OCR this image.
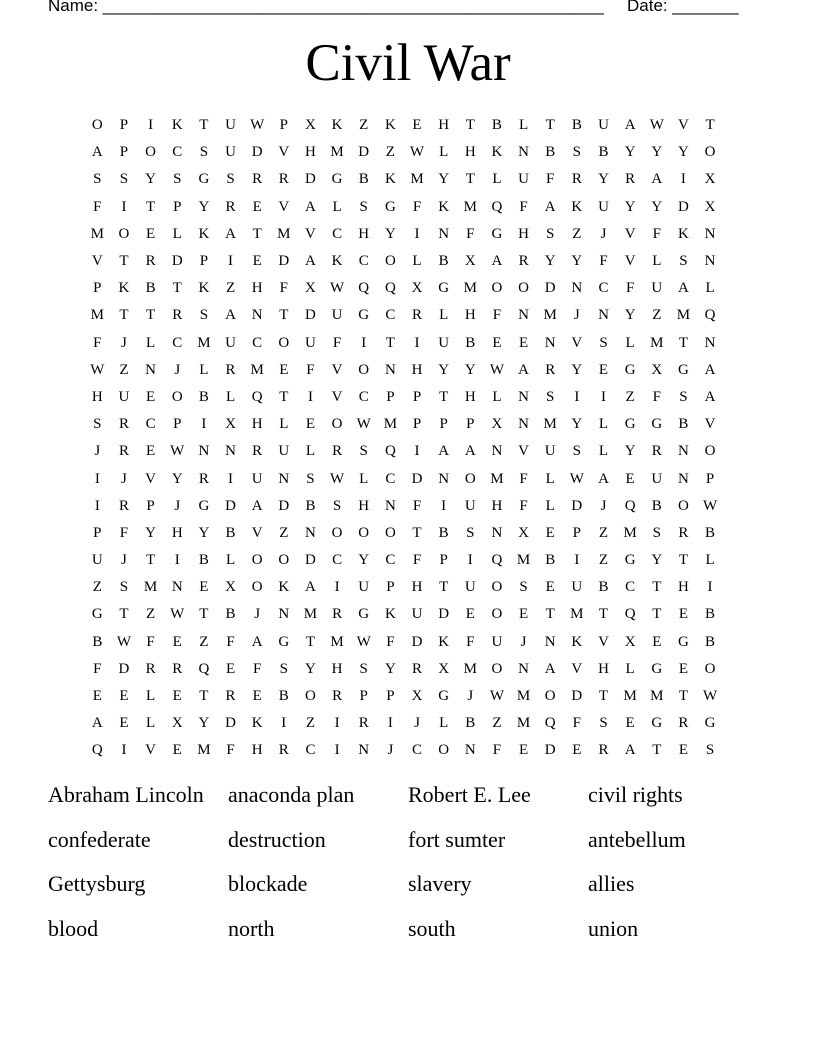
Name: _____________________________________________________ Date: _______
Civil War
O	P	I	K	T	U W	P	X	K	Z	K	E	H	T	B	L	T	B	U	A W V	T
A	P	O	C	S	U	D	V	H M D	Z W L	H	K	N	B	S	B	Y	Y	Y	O
S	S	Y	S	G	S	R	R	D	G	B	K M Y	T	L	U	F	R	Y	R	A	I	X
F	I	T	P	Y	R	E	V	A	L	S	G	F	K M Q	F	A	K	U	Y	Y	D	X
M O	E	L	K	A	T	M V	C	H	Y	I	N	F	G	H	S	Z	J	V	F	K	N
V	T	R	D	P	I	E	D	A	K	C	O	L	B	X	A	R	Y	Y	F	V	L	S	N
P	K	B	T	K	Z	H	F	X W Q	Q	X	G M O	O	D	N	C	F	U	A	L
M	T	T	R	S	A	N	T	D	U	G	C	R	L	H	F	N M	J	N	Y	Z	M Q
F	J	L	C M U	C	O	U	F	I	T	I	U	B	E	E	N	V	S	L	M	T	N
W Z	N	J	L	R M	E	F	V	O	N	H	Y	Y W A	R	Y	E	G	X	G	A
H	U	E	O	B	L	Q	T	I	V	C	P	P	T	H	L	N	S	I	I	Z	F	S	A
S	R	C	P	I	X	H	L	E	O W M	P	P	P	X	N M Y	L	G	G	B	V
J	R	E W N	N	R	U	L	R	S	Q	I	A	A	N	V	U	S	L	Y	R	N	O
I	J	V	Y	R	I	U	N	S	W L	C	D	N	O M	F	L W A	E	U	N	P
I	R	P	J	G	D	A	D	B	S	H	N	F	I	U	H	F	L	D	J	Q	B	O W
P	F	Y	H	Y	B	V	Z	N	O	O	O	T	B	S	N	X	E	P	Z	M	S	R	B
U	J	T	I	B	L	O	O	D	C	Y	C	F	P	I	Q M B	I	Z	G	Y	T	L
Z	S	M N	E	X	O	K	A	I	U	P	H	T	U	O	S	E	U	B	C	T	H	I
G	T	Z W T	B	J	N M R	G	K	U	D	E	O	E	T	M	T	Q	T	E	B
B W	F	E	Z	F	A	G	T	M W	F	D	K	F	U	J	N	K	V	X	E	G	B
F	D	R	R	Q	E	F	S	Y	H	S	Y	R	X M O	N	A	V	H	L	G	E	O
E	E	L	E	T	R	E	B	O	R	P	P	X	G	J	W M O	D	T	M M	T W
A	E	L	X	Y	D	K	I	Z	I	R	I	J	L	B	Z	M Q	F	S	E	G	R	G
Q	I	V	E	M	F	H	R	C	I	N	J	C	O	N	F	E	D	E	R	A	T	E	S
Abraham Lincoln	anaconda plan	Robert E. Lee	civil rights
confederate	destruction	fort sumter	antebellum
Gettysburg	blockade	slavery	allies
blood	north	south	union
